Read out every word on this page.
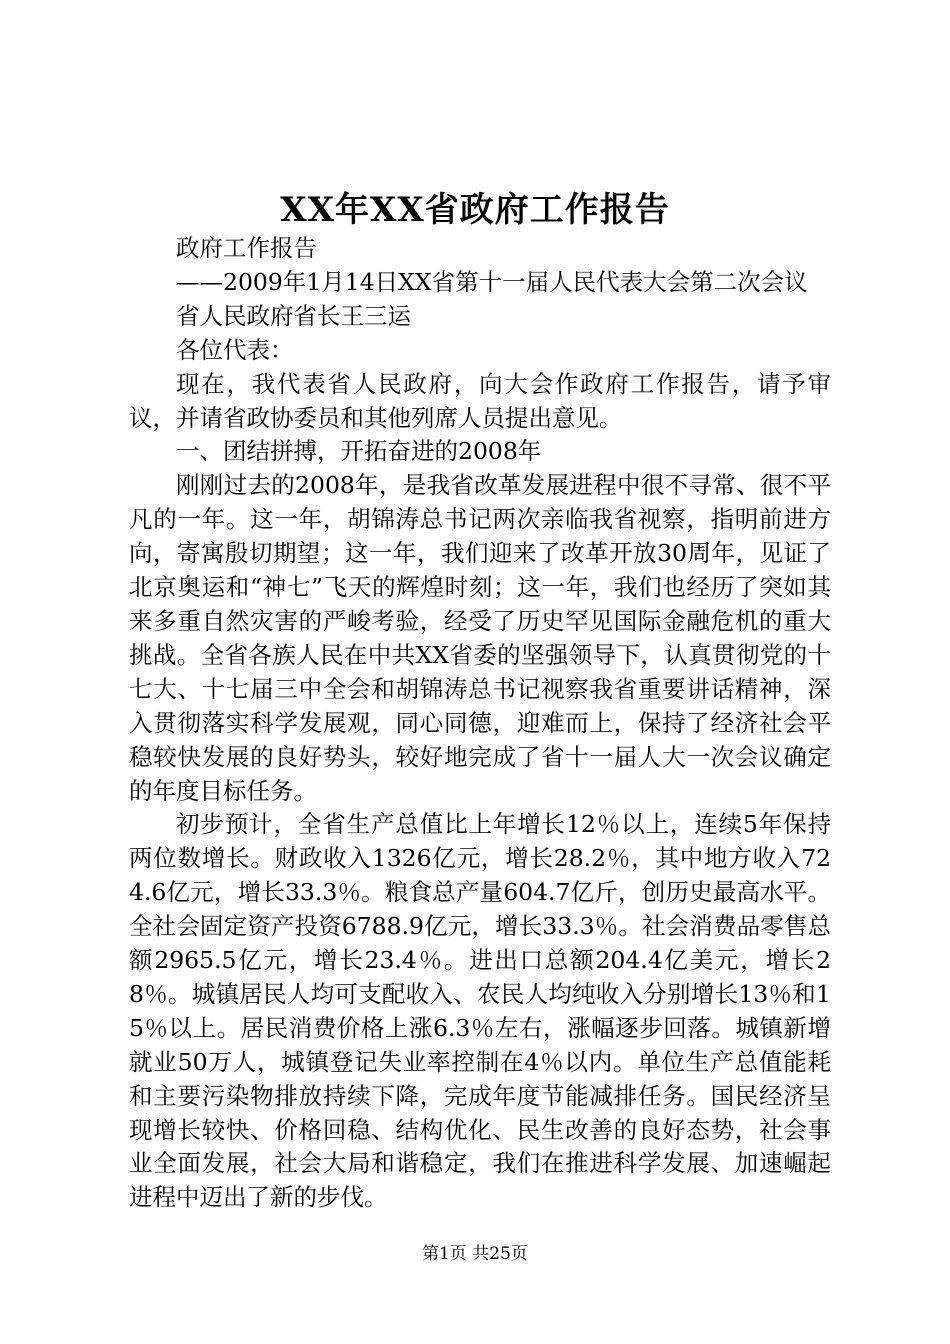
XX年XX省政府工作报告

政府工作报告

——2009年1月14日XX省第十一届人民代表大会第二次会议

省人民政府省长王三运

各位代表：

现在，我代表省人民政府，向大会作政府工作报告，请予审议，并请省政协委员和其他列席人员提出意见。

一、团结拼搏，开拓奋进的2008年

刚刚过去的2008年，是我省改革发展进程中很不寻常、很不平凡的一年。这一年，胡锦涛总书记两次亲临我省视察，指明前进方向，寄寓殷切期望；这一年，我们迎来了改革开放30周年，见证了北京奥运和“神七”飞天的辉煌时刻；这一年，我们也经历了突如其来多重自然灾害的严峻考验，经受了历史罕见国际金融危机的重大挑战。全省各族人民在中共XX省委的坚强领导下，认真贯彻党的十七大、十七届三中全会和胡锦涛总书记视察我省重要讲话精神，深入贯彻落实科学发展观，同心同德，迎难而上，保持了经济社会平稳较快发展的良好势头，较好地完成了省十一届人大一次会议确定的年度目标任务。

初步预计，全省生产总值比上年增长12％以上，连续5年保持两位数增长。财政收入1326亿元，增长28.2％，其中地方收入724.6亿元，增长33.3％。粮食总产量604.7亿斤，创历史最高水平。全社会固定资产投资6788.9亿元，增长33.3％。社会消费品零售总额2965.5亿元，增长23.4％。进出口总额204.4亿美元，增长28％。城镇居民人均可支配收入、农民人均纯收入分别增长13％和15％以上。居民消费价格上涨6.3％左右，涨幅逐步回落。城镇新增就业50万人，城镇登记失业率控制在4％以内。单位生产总值能耗和主要污染物排放持续下降，完成年度节能减排任务。国民经济呈现增长较快、价格回稳、结构优化、民生改善的良好态势，社会事业全面发展，社会大局和谐稳定，我们在推进科学发展、加速崛起进程中迈出了新的步伐。

第1页 共25页
